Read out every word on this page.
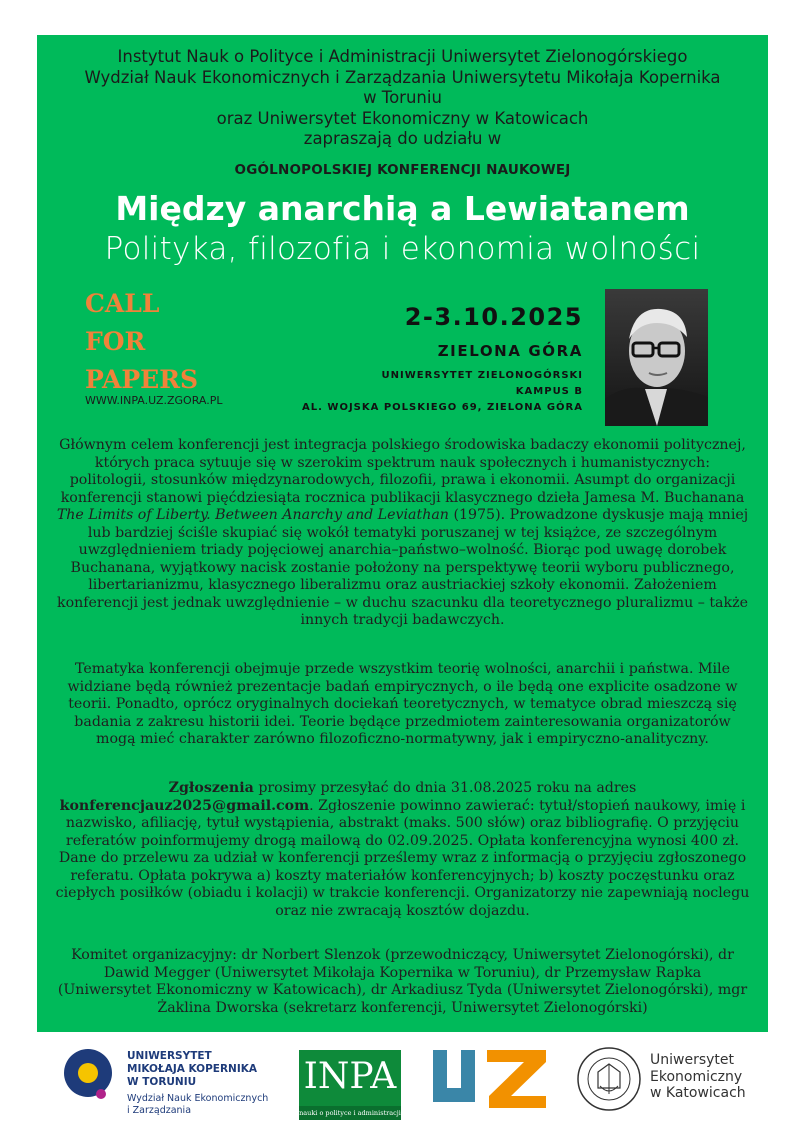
Instytut Nauk o Polityce i Administracji Uniwersytet Zielonogórskiego
Wydział Nauk Ekonomicznych i Zarządzania Uniwersytetu Mikołaja Kopernika
w Toruniu
oraz Uniwersytet Ekonomiczny w Katowicach
zapraszają do udziału w
OGÓLNOPOLSKIEJ KONFERENCJI NAUKOWEJ
Między anarchią a Lewiatanem
Polityka, filozofia i ekonomia wolności
CALL
FOR
PAPERS
WWW.INPA.UZ.ZGORA.PL
2-3.10.2025
ZIELONA GÓRA
UNIWERSYTET ZIELONOGÓRSKI
KAMPUS B
AL. WOJSKA POLSKIEGO 69, ZIELONA GÓRA
Głównym celem konferencji jest integracja polskiego środowiska badaczy ekonomii politycznej, których praca sytuuje się w szerokim spektrum nauk społecznych i humanistycznych: politologii, stosunków międzynarodowych, filozofii, prawa i ekonomii. Asumpt do organizacji konferencji stanowi pięćdziesiąta rocznica publikacji klasycznego dzieła Jamesa M. Buchanana The Limits of Liberty. Between Anarchy and Leviathan (1975). Prowadzone dyskusje mają mniej lub bardziej ściśle skupiać się wokół tematyki poruszanej w tej książce, ze szczególnym uwzględnieniem triady pojęciowej anarchia–państwo–wolność. Biorąc pod uwagę dorobek Buchanana, wyjątkowy nacisk zostanie położony na perspektywę teorii wyboru publicznego, libertarianizmu, klasycznego liberalizmu oraz austriackiej szkoły ekonomii. Założeniem konferencji jest jednak uwzględnienie – w duchu szacunku dla teoretycznego pluralizmu – także innych tradycji badawczych.
Tematyka konferencji obejmuje przede wszystkim teorię wolności, anarchii i państwa. Mile widziane będą również prezentacje badań empirycznych, o ile będą one explicite osadzone w teorii. Ponadto, oprócz oryginalnych dociekań teoretycznych, w tematyce obrad mieszczą się badania z zakresu historii idei. Teorie będące przedmiotem zainteresowania organizatorów mogą mieć charakter zarówno filozoficzno-normatywny, jak i empiryczno-analityczny.
Zgłoszenia prosimy przesyłać do dnia 31.08.2025 roku na adres konferencjauz2025@gmail.com. Zgłoszenie powinno zawierać: tytuł/stopień naukowy, imię i nazwisko, afiliację, tytuł wystąpienia, abstrakt (maks. 500 słów) oraz bibliografię. O przyjęciu referatów poinformujemy drogą mailową do 02.09.2025. Opłata konferencyjna wynosi 400 zł. Dane do przelewu za udział w konferencji prześlemy wraz z informacją o przyjęciu zgłoszonego referatu. Opłata pokrywa a) koszty materiałów konferencyjnych; b) koszty poczęstunku oraz ciepłych posiłków (obiadu i kolacji) w trakcie konferencji. Organizatorzy nie zapewniają noclegu oraz nie zwracają kosztów dojazdu.
Komitet organizacyjny: dr Norbert Slenzok (przewodniczący, Uniwersytet Zielonogórski), dr Dawid Megger (Uniwersytet Mikołaja Kopernika w Toruniu), dr Przemysław Rapka (Uniwersytet Ekonomiczny w Katowicach), dr Arkadiusz Tyda (Uniwersytet Zielonogórski), mgr Żaklina Dworska (sekretarz konferencji, Uniwersytet Zielonogórski)
UNIWERSYTET
MIKOŁAJA KOPERNIKA
W TORUNIU
Wydział Nauk Ekonomicznych
i Zarządzania
INPA
nauki o polityce i administracji
Uniwersytet
Ekonomiczny
w Katowicach
